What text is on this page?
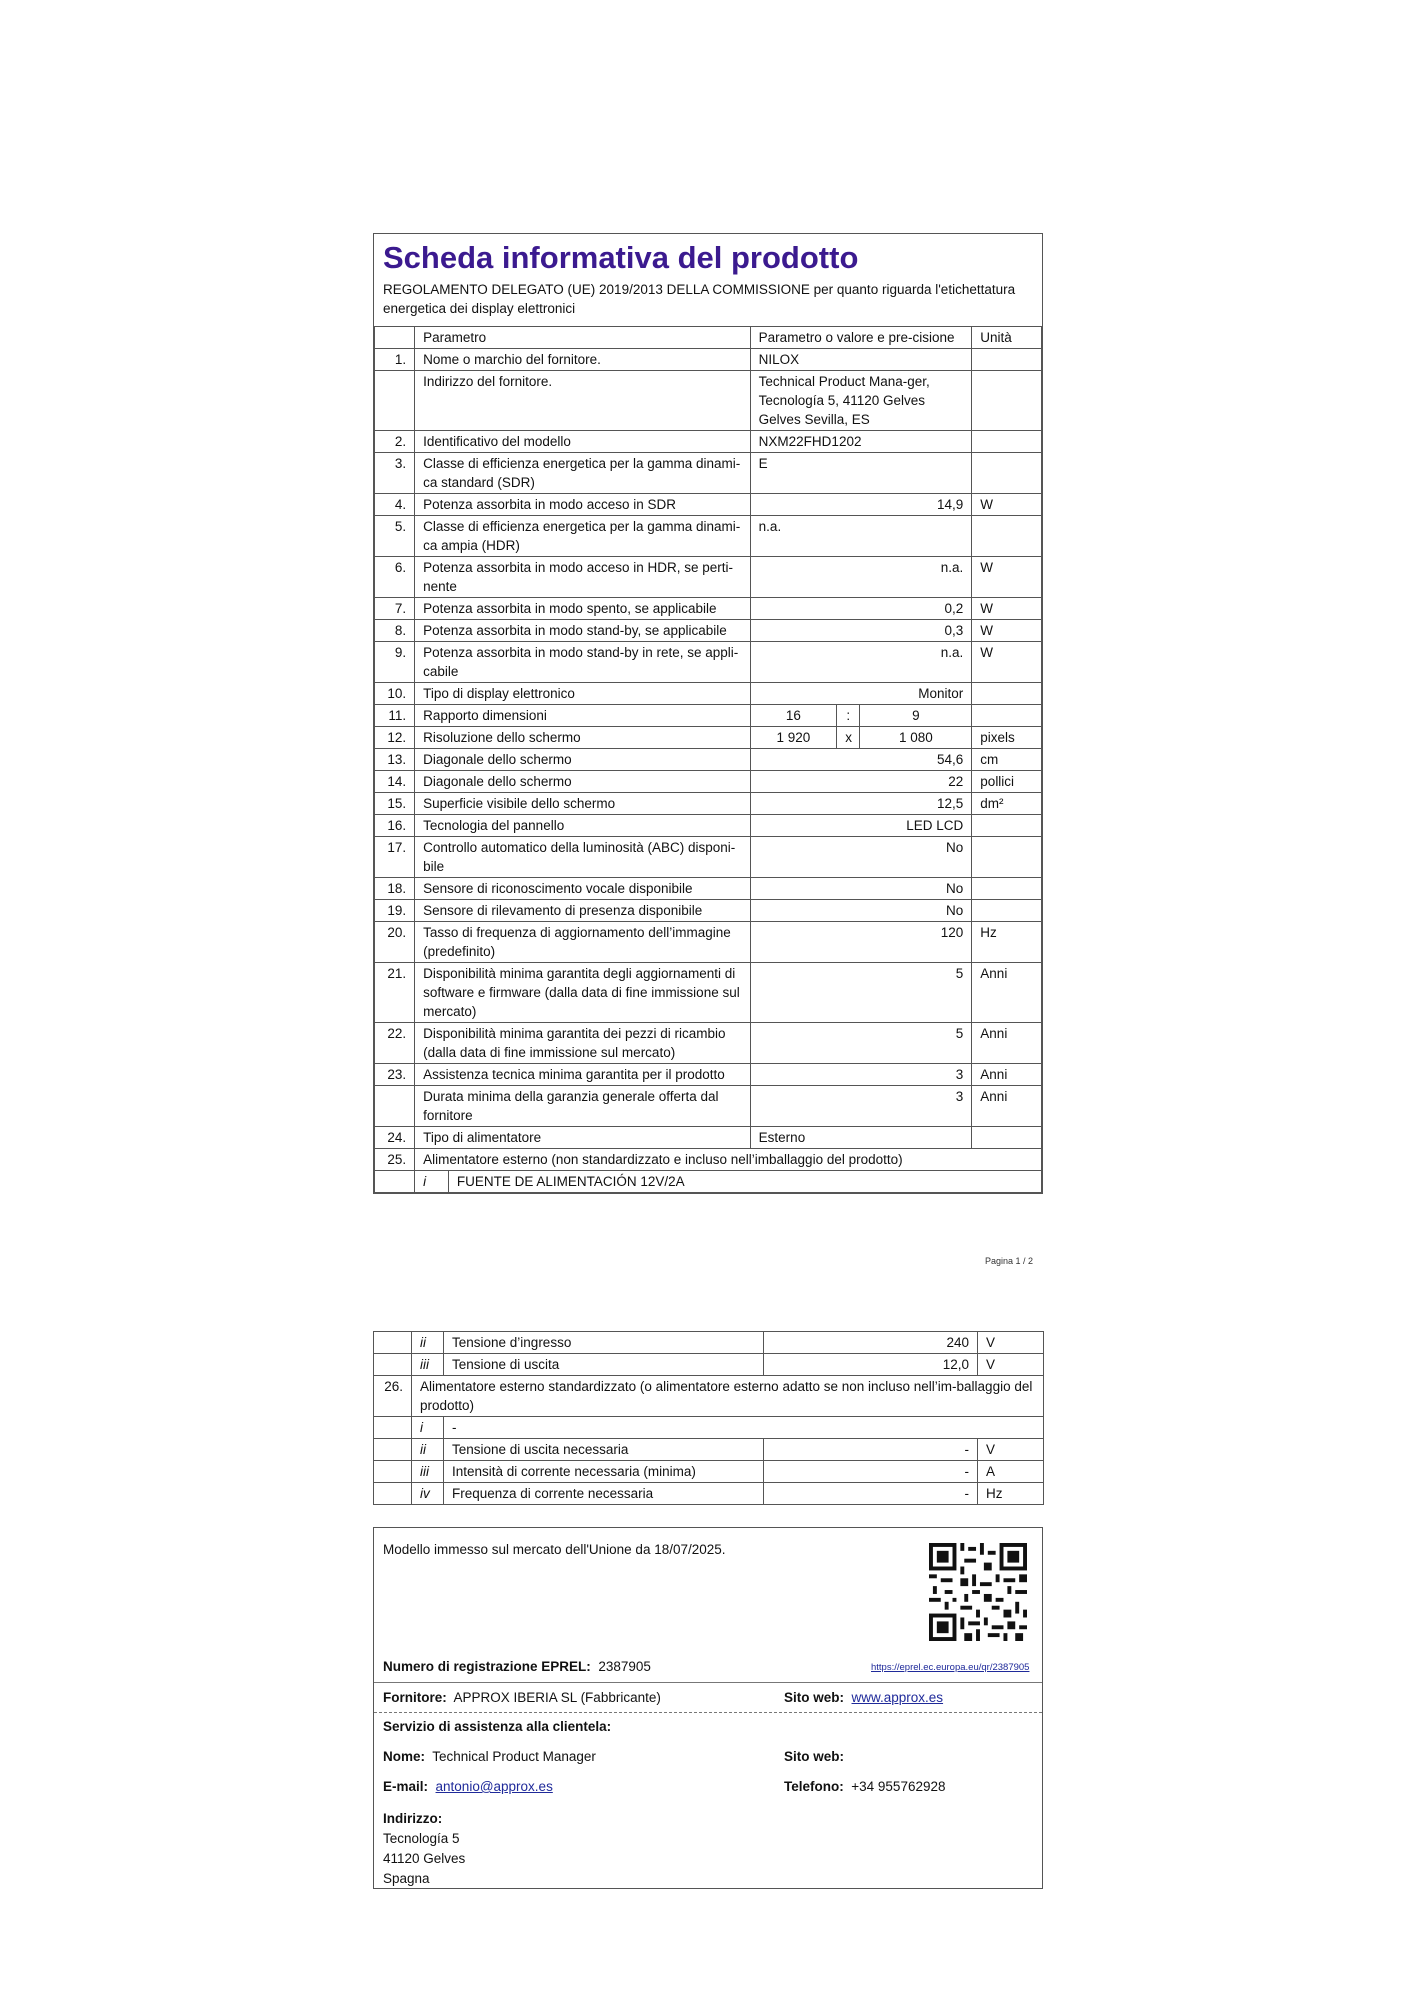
Scheda informativa del prodotto
REGOLAMENTO DELEGATO (UE) 2019/2013 DELLA COMMISSIONE per quanto riguarda l'etichettatura energetica dei display elettronici
	Parametro		Parametro o valore e pre-cisione			Unità
1.	Nome o marchio del fornitore.		NILOX			
	Indirizzo del fornitore.		Technical Product Mana-ger, Tecnología 5, 41120 Gelves Gelves Sevilla, ES			
2.	Identificativo del modello		NXM22FHD1202			
3.	Classe di efficienza energetica per la gamma dinami-ca standard (SDR)		E			
4.	Potenza assorbita in modo acceso in SDR		14,9			W
5.	Classe di efficienza energetica per la gamma dinami-ca ampia (HDR)		n.a.			
6.	Potenza assorbita in modo acceso in HDR, se perti-nente		n.a.			W
7.	Potenza assorbita in modo spento, se applicabile		0,2			W
8.	Potenza assorbita in modo stand-by, se applicabile		0,3			W
9.	Potenza assorbita in modo stand-by in rete, se appli-cabile		n.a.			W
10.	Tipo di display elettronico		Monitor			
11.	Rapporto dimensioni		16	:	9	
12.	Risoluzione dello schermo		1 920	x	1 080	pixels
13.	Diagonale dello schermo		54,6			cm
14.	Diagonale dello schermo		22			pollici
15.	Superficie visibile dello schermo		12,5			dm²
16.	Tecnologia del pannello		LED LCD			
17.	Controllo automatico della luminosità (ABC) disponi-bile		No			
18.	Sensore di riconoscimento vocale disponibile		No			
19.	Sensore di rilevamento di presenza disponibile		No			
20.	Tasso di frequenza di aggiornamento dell’immagine (predefinito)		120			Hz
21.	Disponibilità minima garantita degli aggiornamenti di software e firmware (dalla data di fine immissione sul mercato)		5			Anni
22.	Disponibilità minima garantita dei pezzi di ricambio (dalla data di fine immissione sul mercato)		5			Anni
23.	Assistenza tecnica minima garantita per il prodotto		3			Anni
	Durata minima della garanzia generale offerta dal fornitore		3			Anni
24.	Tipo di alimentatore		Esterno			
25.	Alimentatore esterno (non standardizzato e incluso nell’imballaggio del prodotto)					
	i	FUENTE DE ALIMENTACIÓN 12V/2A				
Pagina 1 / 2
	ii	Tensione d’ingresso	240	V
	iii	Tensione di uscita	12,0	V
26.	Alimentatore esterno standardizzato (o alimentatore esterno adatto se non incluso nell’im-ballaggio del prodotto)			
	i	-		
	ii	Tensione di uscita necessaria	-	V
	iii	Intensità di corrente necessaria (minima)	-	A
	iv	Frequenza di corrente necessaria	-	Hz
Modello immesso sul mercato dell'Unione da 18/07/2025.
Numero di registrazione EPREL: 2387905	https://eprel.ec.europa.eu/qr/2387905
Fornitore: APPROX IBERIA SL (Fabbricante)	Sito web: www.approx.es
Servizio di assistenza alla clientela:
Nome: Technical Product Manager	Sito web:
E-mail: antonio@approx.es	Telefono: +34 955762928
Indirizzo:
Tecnología 5
41120 Gelves
Spagna
